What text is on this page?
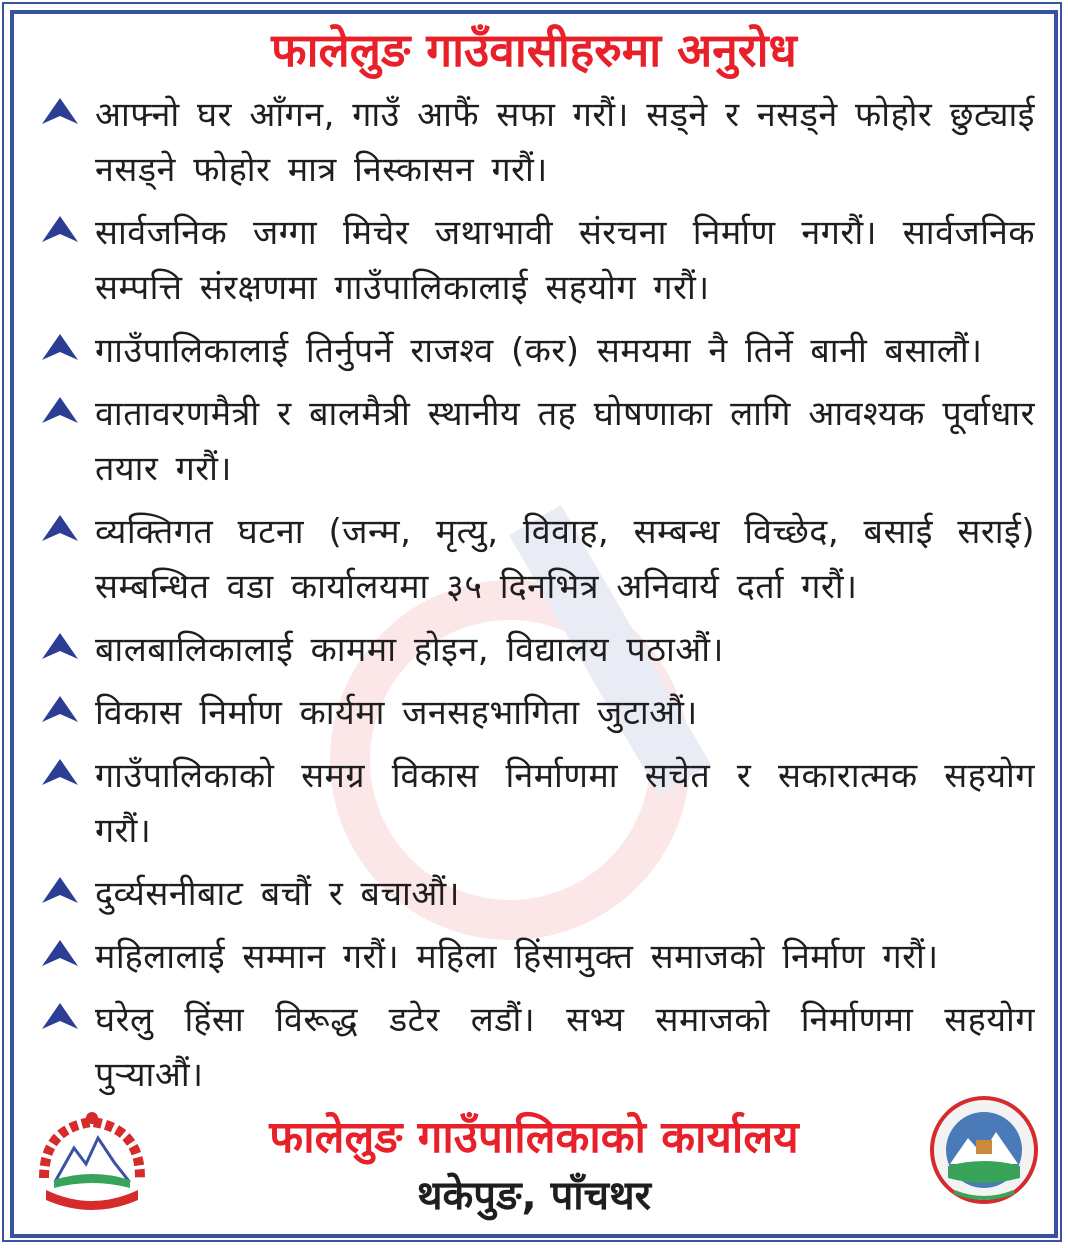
फालेलुङ गाउँवासीहरुमा अनुरोध
आफ्नो घर आँगन, गाउँ आफैं सफा गरौं। सड्ने र नसड्ने फोहोर छुट्याई नसड्ने फोहोर मात्र निस्कासन गरौं।
सार्वजनिक जग्गा मिचेर जथाभावी संरचना निर्माण नगरौं। सार्वजनिक सम्पत्ति संरक्षणमा गाउँपालिकालाई सहयोग गरौं।
गाउँपालिकालाई तिर्नुपर्ने राजश्व (कर) समयमा नै तिर्ने बानी बसालौं।
वातावरणमैत्री र बालमैत्री स्थानीय तह घोषणाका लागि आवश्यक पूर्वाधार तयार गरौं।
व्यक्तिगत घटना (जन्म, मृत्यु, विवाह, सम्बन्ध विच्छेद, बसाई सराई) सम्बन्धित वडा कार्यालयमा ३५ दिनभित्र अनिवार्य दर्ता गरौं।
बालबालिकालाई काममा होइन, विद्यालय पठाऔं।
विकास निर्माण कार्यमा जनसहभागिता जुटाऔं।
गाउँपालिकाको समग्र विकास निर्माणमा सचेत र सकारात्मक सहयोग गरौं।
दुर्व्यसनीबाट बचौं र बचाऔं।
महिलालाई सम्मान गरौं। महिला हिंसामुक्त समाजको निर्माण गरौं।
घरेलु हिंसा विरूद्ध डटेर लडौं। सभ्य समाजको निर्माणमा सहयोग पुऱ्याऔं।
फालेलुङ गाउँपालिकाको कार्यालय
थकेपुङ, पाँचथर
